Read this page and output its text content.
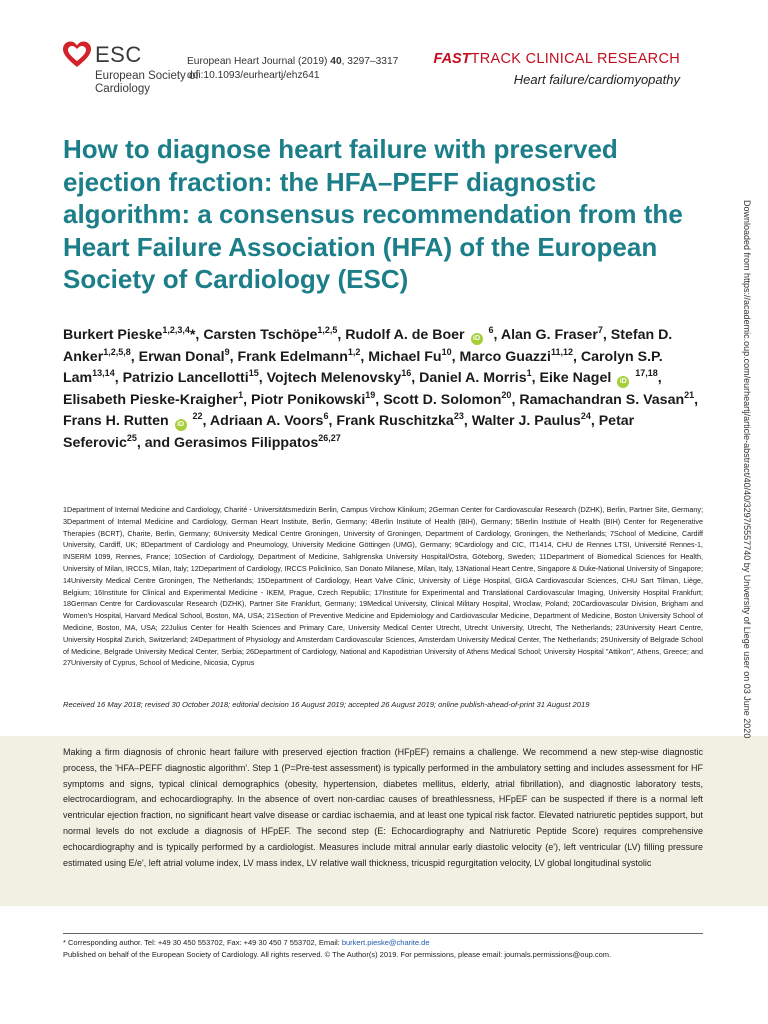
ESC
European Society of Cardiology
European Heart Journal (2019) 40, 3297–3317
doi:10.1093/eurheartj/ehz641
FASTTRACK CLINICAL RESEARCH
Heart failure/cardiomyopathy
How to diagnose heart failure with preserved ejection fraction: the HFA–PEFF diagnostic algorithm: a consensus recommendation from the Heart Failure Association (HFA) of the European Society of Cardiology (ESC)
Burkert Pieske$^{1,2,3,4}$*, Carsten Tschöpe$^{1,2,5}$, Rudolf A. de Boer iD $^6$, Alan G. Fraser$^7$, Stefan D. Anker$^{1,2,5,8}$, Erwan Donal$^9$, Frank Edelmann$^{1,2}$, Michael Fu$^{10}$, Marco Guazzi$^{11,12}$, Carolyn S.P. Lam$^{13,14}$, Patrizio Lancellotti$^{15}$, Vojtech Melenovsky$^{16}$, Daniel A. Morris$^1$, Eike Nagel iD $^{17,18}$, Elisabeth Pieske-Kraigher$^1$, Piotr Ponikowski$^{19}$, Scott D. Solomon$^{20}$, Ramachandran S. Vasan$^{21}$, Frans H. Rutten iD $^{22}$, Adriaan A. Voors$^6$, Frank Ruschitzka$^{23}$, Walter J. Paulus$^{24}$, Petar Seferovic$^{25}$, and Gerasimos Filippatos$^{26,27}$
1Department of Internal Medicine and Cardiology, Charité - Universitätsmedizin Berlin, Campus Virchow Klinikum; 2German Center for Cardiovascular Research (DZHK), Berlin, Partner Site, Germany; 3Department of Internal Medicine and Cardiology, German Heart Institute, Berlin, Germany; 4Berlin Institute of Health (BIH), Germany; 5Berlin Institute of Health (BIH) Center for Regenerative Therapies (BCRT), Charite, Berlin, Germany; 6University Medical Centre Groningen, University of Groningen, Department of Cardiology, Groningen, the Netherlands; 7School of Medicine, Cardiff University, Cardiff, UK; 8Department of Cardiology and Pneumology, University Medicine Göttingen (UMG), Germany; 9Cardiology and CIC, IT1414, CHU de Rennes LTSI, Université Rennes-1, INSERM 1099, Rennes, France; 10Section of Cardiology, Department of Medicine, Sahlgrenska University Hospital/Ostra, Göteborg, Sweden; 11Department of Biomedical Sciences for Health, University of Milan, IRCCS, Milan, Italy; 12Department of Cardiology, IRCCS Policlinico, San Donato Milanese, Milan, Italy, 13National Heart Centre, Singapore & Duke-National University of Singapore; 14University Medical Centre Groningen, The Netherlands; 15Department of Cardiology, Heart Valve Clinic, University of Liège Hospital, GIGA Cardiovascular Sciences, CHU Sart Tilman, Liège, Belgium; 16Institute for Clinical and Experimental Medicine - IKEM, Prague, Czech Republic; 17Institute for Experimental and Translational Cardiovascular Imaging, University Hospital Frankfurt; 18German Centre for Cardiovascular Research (DZHK), Partner Site Frankfurt, Germany; 19Medical University, Clinical Military Hospital, Wroclaw, Poland; 20Cardiovascular Division, Brigham and Women's Hospital, Harvard Medical School, Boston, MA, USA; 21Section of Preventive Medicine and Epidemiology and Cardiovascular Medicine, Department of Medicine, Boston University School of Medicine, Boston, MA, USA; 22Julius Center for Health Sciences and Primary Care, University Medical Center Utrecht, Utrecht University, Utrecht, The Netherlands; 23University Heart Centre, University Hospital Zurich, Switzerland; 24Department of Physiology and Amsterdam Cardiovascular Sciences, Amsterdam University Medical Center, The Netherlands; 25University of Belgrade School of Medicine, Belgrade University Medical Center, Serbia; 26Department of Cardiology, National and Kapodistrian University of Athens Medical School; University Hospital "Attikon", Athens, Greece; and 27University of Cyprus, School of Medicine, Nicosia, Cyprus
Received 16 May 2018; revised 30 October 2018; editorial decision 16 August 2019; accepted 26 August 2019; online publish-ahead-of-print 31 August 2019
Making a firm diagnosis of chronic heart failure with preserved ejection fraction (HFpEF) remains a challenge. We recommend a new step-wise diagnostic process, the 'HFA–PEFF diagnostic algorithm'. Step 1 (P=Pre-test assessment) is typically performed in the ambulatory setting and includes assessment for HF symptoms and signs, typical clinical demographics (obesity, hypertension, diabetes mellitus, elderly, atrial fibrillation), and diagnostic laboratory tests, electrocardiogram, and echocardiography. In the absence of overt non-cardiac causes of breathlessness, HFpEF can be suspected if there is a normal left ventricular ejection fraction, no significant heart valve disease or cardiac ischaemia, and at least one typical risk factor. Elevated natriuretic peptides support, but normal levels do not exclude a diagnosis of HFpEF. The second step (E: Echocardiography and Natriuretic Peptide Score) requires comprehensive echocardiography and is typically performed by a cardiologist. Measures include mitral annular early diastolic velocity (e'), left ventricular (LV) filling pressure estimated using E/e', left atrial volume index, LV mass index, LV relative wall thickness, tricuspid regurgitation velocity, LV global longitudinal systolic
* Corresponding author. Tel: +49 30 450 553702, Fax: +49 30 450 7 553702, Email: burkert.pieske@charite.de
Published on behalf of the European Society of Cardiology. All rights reserved. © The Author(s) 2019. For permissions, please email: journals.permissions@oup.com.
Downloaded from https://academic.oup.com/eurheartj/article-abstract/40/40/3297/5557740 by University of Liege user on 03 June 2020
